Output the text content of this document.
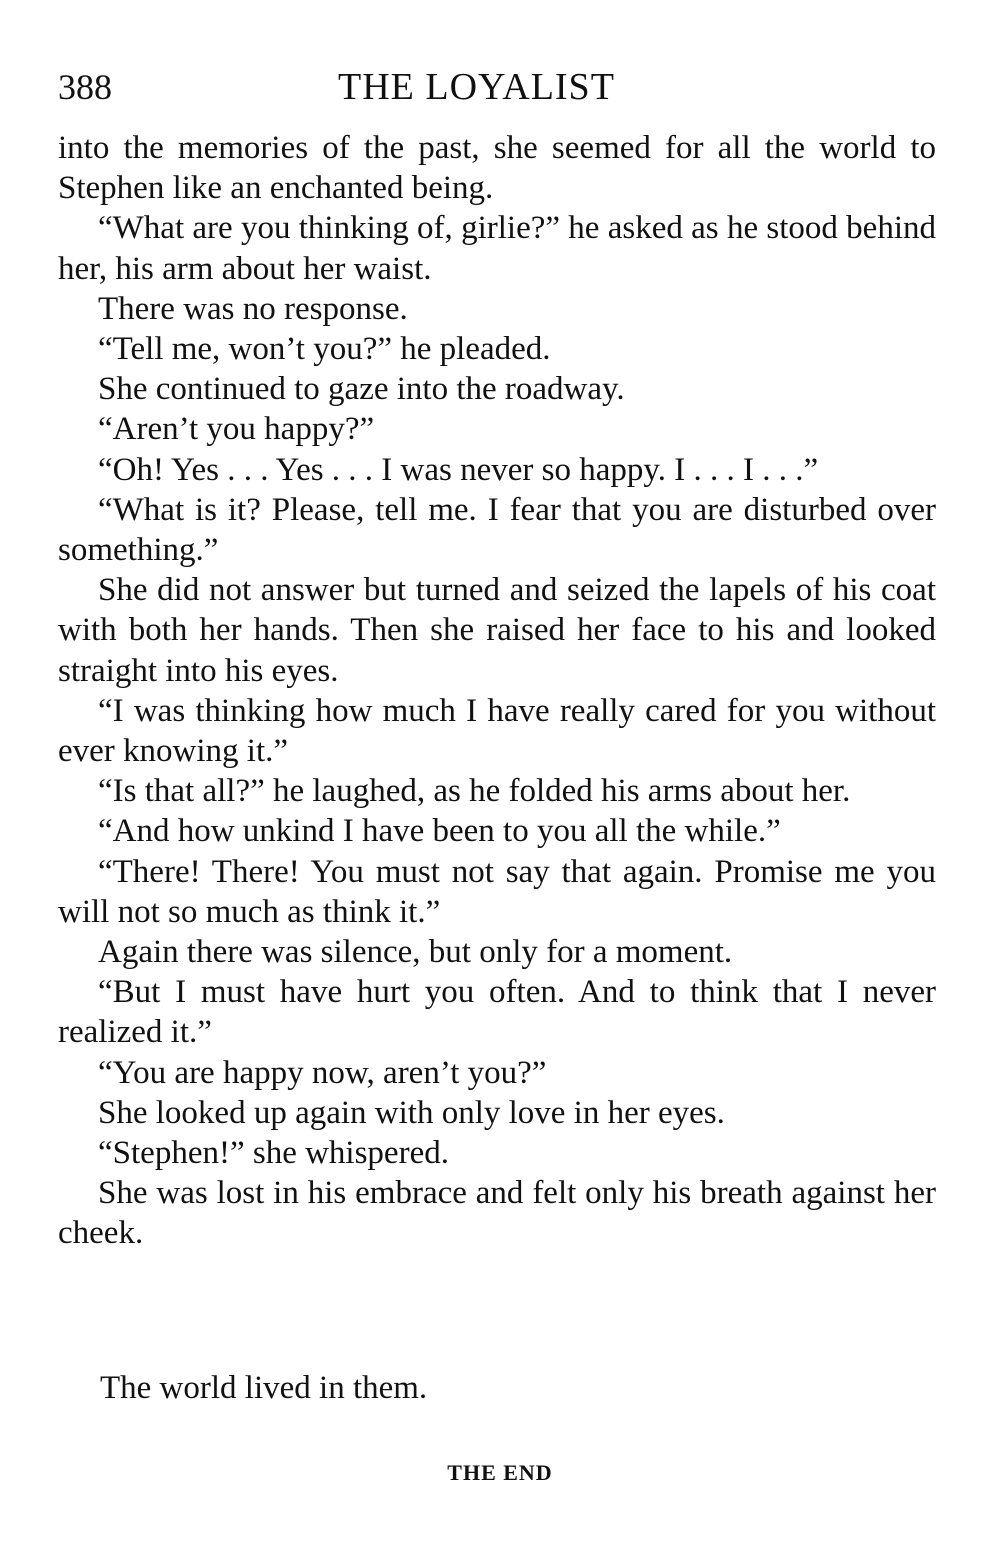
388	THE LOYALIST

into the memories of the past, she seemed for all the world to Stephen like an enchanted being.

“What are you thinking of, girlie?” he asked as he stood behind her, his arm about her waist.

There was no response.

“Tell me, won’t you?” he pleaded.

She continued to gaze into the roadway.

“Aren’t you happy?”

“Oh! Yes . . . Yes . . . I was never so happy. I . . . I . . .”

“What is it? Please, tell me. I fear that you are disturbed over something.”

She did not answer but turned and seized the lapels of his coat with both her hands. Then she raised her face to his and looked straight into his eyes.

“I was thinking how much I have really cared for you without ever knowing it.”

“Is that all?” he laughed, as he folded his arms about her.

“And how unkind I have been to you all the while.”

“There! There! You must not say that again. Promise me you will not so much as think it.”

Again there was silence, but only for a moment.

“But I must have hurt you often. And to think that I never realized it.”

“You are happy now, aren’t you?”

She looked up again with only love in her eyes.

“Stephen!” she whispered.

She was lost in his embrace and felt only his breath against her cheek.

The world lived in them.
THE END
